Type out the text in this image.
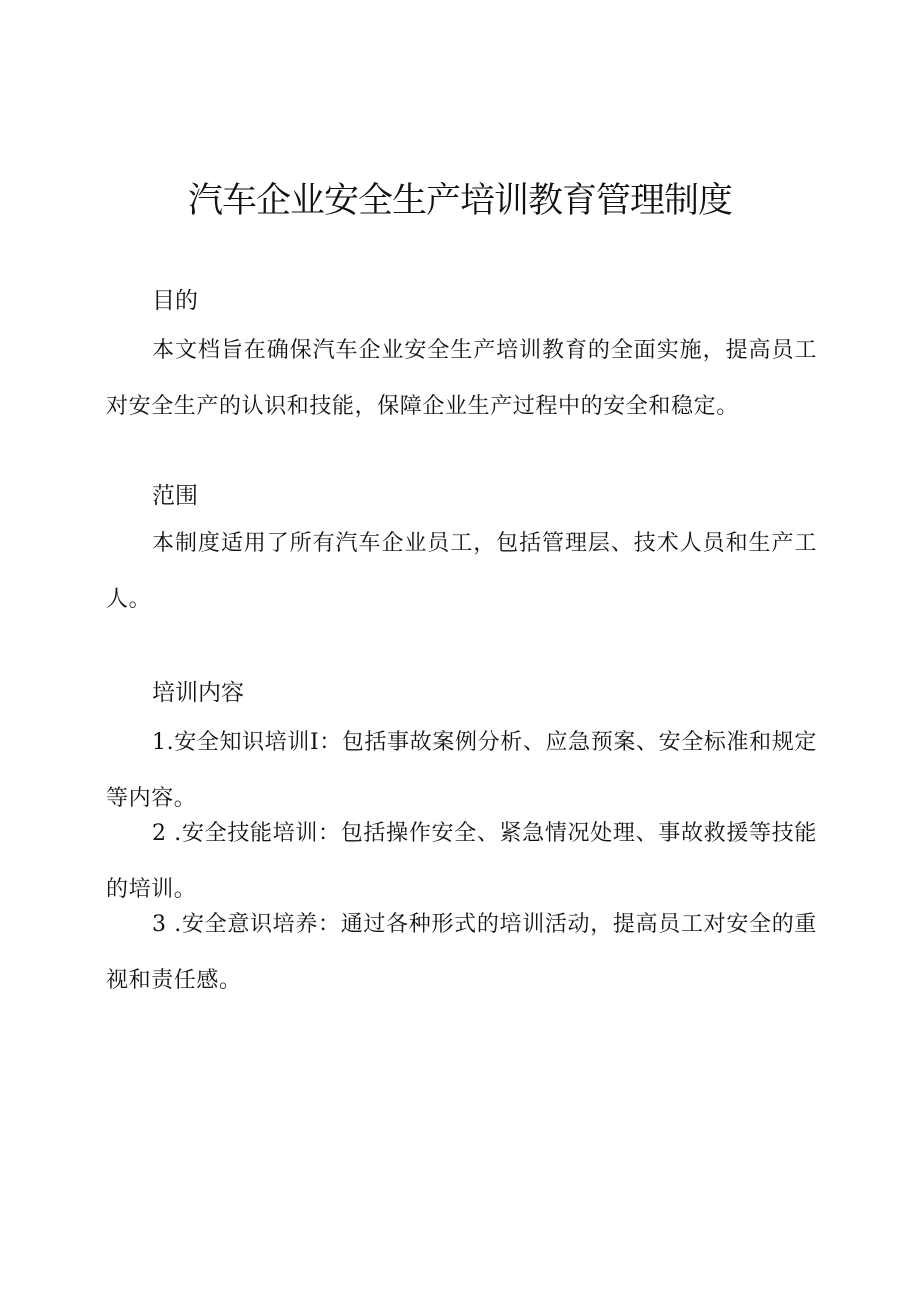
汽车企业安全生产培训教育管理制度
目的

本文档旨在确保汽车企业安全生产培训教育的全面实施，提高员工对安全生产的认识和技能，保障企业生产过程中的安全和稳定。

范围

本制度适用了所有汽车企业员工，包括管理层、技术人员和生产工人。

培训内容

1.安全知识培训I：包括事故案例分析、应急预案、安全标准和规定等内容。

2 .安全技能培训：包括操作安全、紧急情况处理、事故救援等技能的培训。

3 .安全意识培养：通过各种形式的培训活动，提高员工对安全的重视和责任感。
